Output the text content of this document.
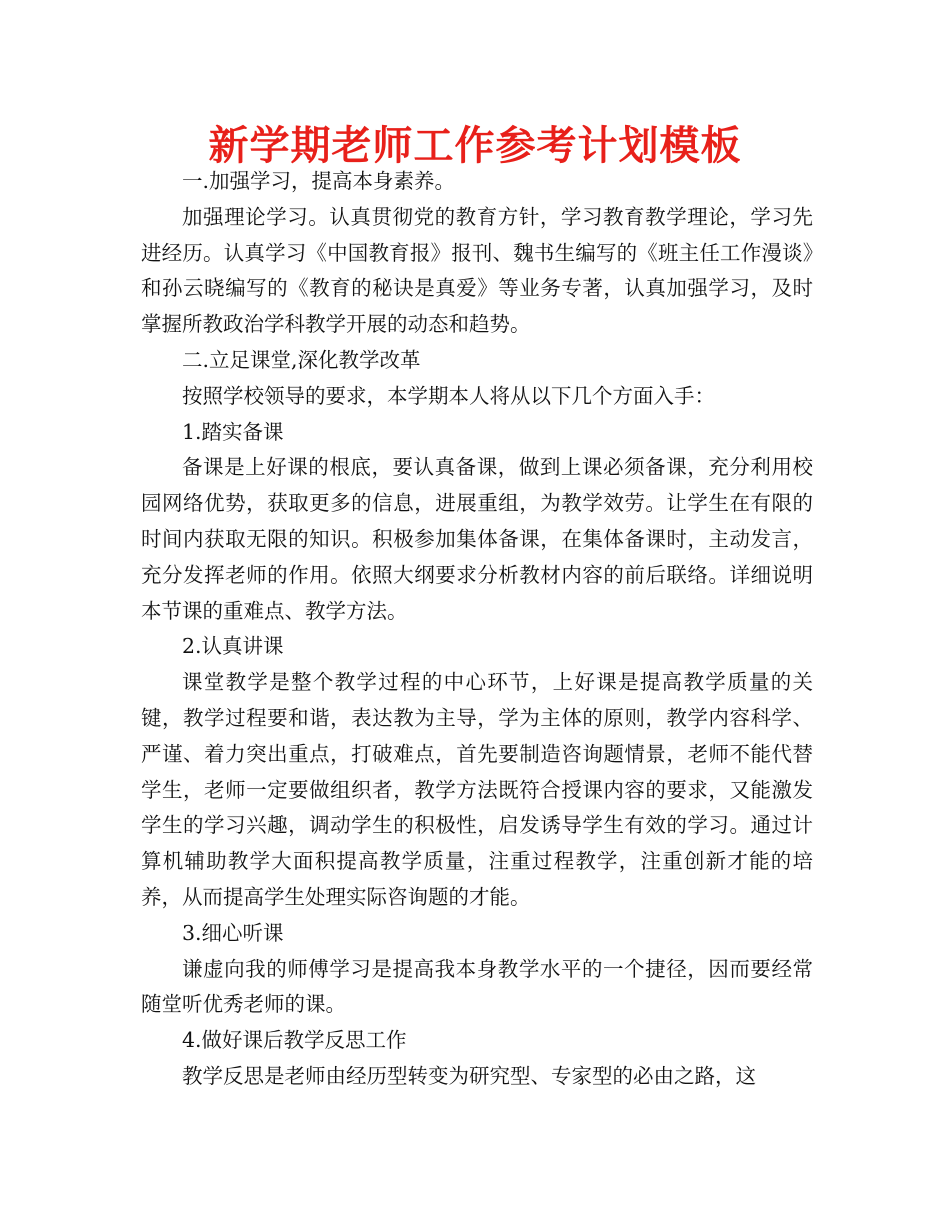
新学期老师工作参考计划模板

一.加强学习，提高本身素养。

加强理论学习。认真贯彻党的教育方针，学习教育教学理论，学习先进经历。认真学习《中国教育报》报刊、魏书生编写的《班主任工作漫谈》和孙云晓编写的《教育的秘诀是真爱》等业务专著，认真加强学习，及时掌握所教政治学科教学开展的动态和趋势。

二.立足课堂,深化教学改革

按照学校领导的要求，本学期本人将从以下几个方面入手：

1.踏实备课

备课是上好课的根底，要认真备课，做到上课必须备课，充分利用校园网络优势，获取更多的信息，进展重组，为教学效劳。让学生在有限的时间内获取无限的知识。积极参加集体备课，在集体备课时，主动发言，充分发挥老师的作用。依照大纲要求分析教材内容的前后联络。详细说明本节课的重难点、教学方法。

2.认真讲课

课堂教学是整个教学过程的中心环节，上好课是提高教学质量的关键，教学过程要和谐，表达教为主导，学为主体的原则，教学内容科学、严谨、着力突出重点，打破难点，首先要制造咨询题情景，老师不能代替学生，老师一定要做组织者，教学方法既符合授课内容的要求，又能激发学生的学习兴趣，调动学生的积极性，启发诱导学生有效的学习。通过计算机辅助教学大面积提高教学质量，注重过程教学，注重创新才能的培养，从而提高学生处理实际咨询题的才能。

3.细心听课

谦虚向我的师傅学习是提高我本身教学水平的一个捷径，因而要经常随堂听优秀老师的课。

4.做好课后教学反思工作

教学反思是老师由经历型转变为研究型、专家型的必由之路，这
